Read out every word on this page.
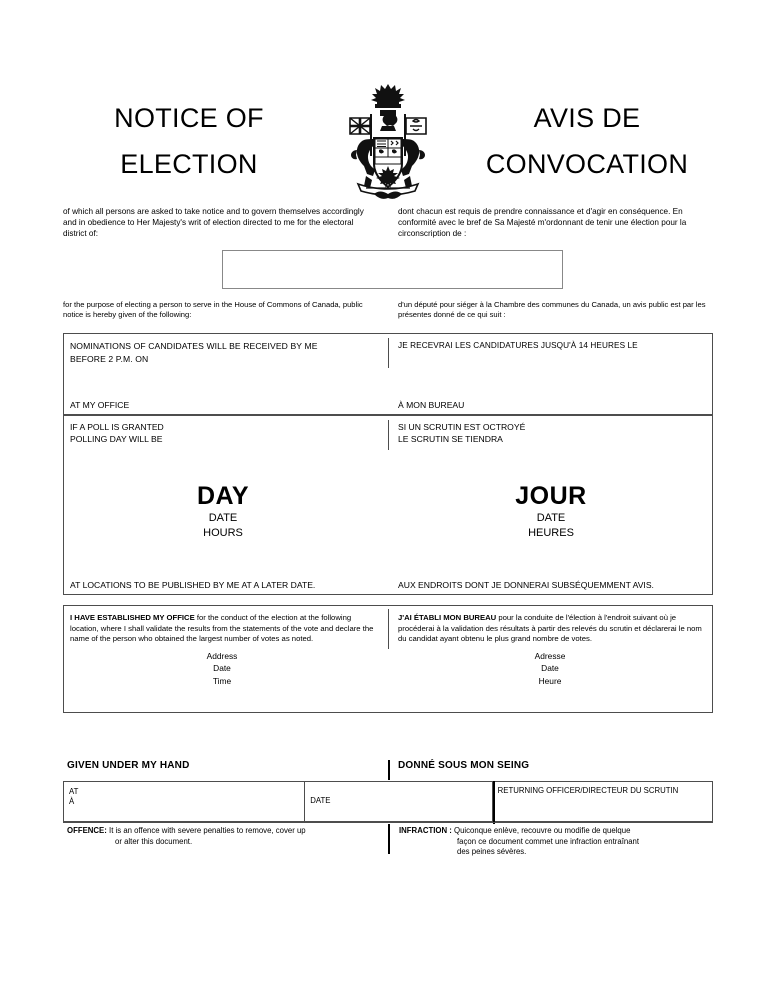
NOTICE OF
ELECTION
AVIS DE
CONVOCATION
of which all persons are asked to take notice and to govern themselves accordingly and in obedience to Her Majesty's writ of election directed to me for the electoral district of:
dont chacun est requis de prendre connaissance et d'agir en conséquence. En conformité avec le bref de Sa Majesté m'ordonnant de tenir une élection pour la circonscription de :
for the purpose of electing a person to serve in the House of Commons of Canada, public notice is hereby given of the following:
d'un député pour siéger à la Chambre des communes du Canada, un avis public est par les présentes donné de ce qui suit :
NOMINATIONS OF CANDIDATES WILL BE RECEIVED BY ME
BEFORE 2 P.M. ON
AT MY OFFICE
JE RECEVRAI LES CANDIDATURES JUSQU'À 14 HEURES LE
À MON BUREAU
IF A POLL IS GRANTED
POLLING DAY WILL BE
DAY
DATE
HOURS
AT LOCATIONS TO BE PUBLISHED BY ME AT A LATER DATE.
SI UN SCRUTIN EST OCTROYÉ
LE SCRUTIN SE TIENDRA
JOUR
DATE
HEURES
AUX ENDROITS DONT JE DONNERAI SUBSÉQUEMMENT AVIS.
I HAVE ESTABLISHED MY OFFICE for the conduct of the election at the following location, where I shall validate the results from the statements of the vote and declare the name of the person who obtained the largest number of votes as noted.
Address
Date
Time
J'AI ÉTABLI MON BUREAU pour la conduite de l'élection à l'endroit suivant où je procéderai à la validation des résultats à partir des relevés du scrutin et déclarerai le nom du candidat ayant obtenu le plus grand nombre de votes.
Adresse
Date
Heure
GIVEN UNDER MY HAND	DONNÉ SOUS MON SEING
AT
À	DATE
RETURNING OFFICER/DIRECTEUR DU SCRUTIN
OFFENCE: It is an offence with severe penalties to remove, cover up
or alter this document.
INFRACTION : Quiconque enlève, recouvre ou modifie de quelque
façon ce document commet une infraction entraînant
des peines sévères.
